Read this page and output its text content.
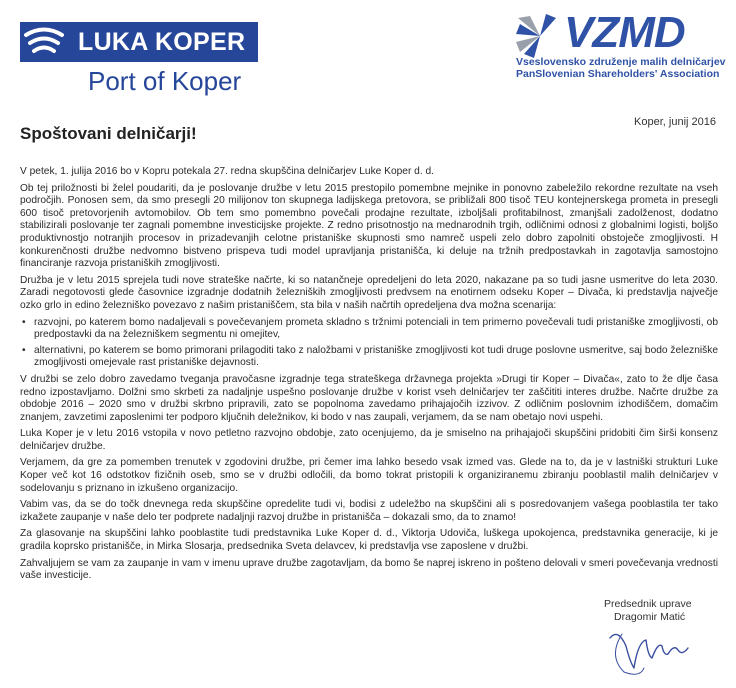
LUKA KOPER
Port of Koper
VZMD
Vseslovensko združenje malih delničarjev
PanSlovenian Shareholders' Association
Koper, junij 2016
Spoštovani delničarji!

V petek, 1. julija 2016 bo v Kopru potekala 27. redna skupščina delničarjev Luke Koper d. d.

Ob tej priložnosti bi želel poudariti, da je poslovanje družbe v letu 2015 prestopilo pomembne mejnike in ponovno zabeležilo rekordne rezultate na vseh področjih. Ponosen sem, da smo presegli 20 milijonov ton skupnega ladijskega pretovora, se približali 800 tisoč TEU kontejnerskega prometa in presegli 600 tisoč pretovorjenih avtomobilov. Ob tem smo pomembno povečali prodajne rezultate, izboljšali profitabilnost, zmanjšali zadolženost, dodatno stabilizirali poslovanje ter zagnali pomembne investicijske projekte. Z redno prisotnostjo na mednarodnih trgih, odličnimi odnosi z globalnimi logisti, boljšo produktivnostjo notranjih procesov in prizadevanjih celotne pristaniške skupnosti smo namreč uspeli zelo dobro zapolniti obstoječe zmogljivosti. H konkurenčnosti družbe nedvomno bistveno prispeva tudi model upravljanja pristanišča, ki deluje na tržnih predpostavkah in zagotavlja samostojno financiranje razvoja pristaniških zmogljivosti.

Družba je v letu 2015 sprejela tudi nove strateške načrte, ki so natančneje opredeljeni do leta 2020, nakazane pa so tudi jasne usmeritve do leta 2030. Zaradi negotovosti glede časovnice izgradnje dodatnih železniških zmogljivosti predvsem na enotirnem odseku Koper – Divača, ki predstavlja največje ozko grlo in edino železniško povezavo z našim pristaniščem, sta bila v naših načrtih opredeljena dva možna scenarija:

• razvojni, po katerem bomo nadaljevali s povečevanjem prometa skladno s tržnimi potenciali in tem primerno povečevali tudi pristaniške zmogljivosti, ob predpostavki da na železniškem segmentu ni omejitev,
• alternativni, po katerem se bomo primorani prilagoditi tako z naložbami v pristaniške zmogljivosti kot tudi druge poslovne usmeritve, saj bodo železniške zmogljivosti omejevale rast pristaniške dejavnosti.

V družbi se zelo dobro zavedamo tveganja pravočasne izgradnje tega strateškega državnega projekta »Drugi tir Koper – Divača«, zato to že dlje časa redno izpostavljamo. Dolžni smo skrbeti za nadaljnje uspešno poslovanje družbe v korist vseh delničarjev ter zaščititi interes družbe. Načrte družbe za obdobje 2016 – 2020 smo v družbi skrbno pripravili, zato se popolnoma zavedamo prihajajočih izzivov. Z odličnim poslovnim izhodiščem, domačim znanjem, zavzetimi zaposlenimi ter podporo ključnih deležnikov, ki bodo v nas zaupali, verjamem, da se nam obetajo novi uspehi.

Luka Koper je v letu 2016 vstopila v novo petletno razvojno obdobje, zato ocenjujemo, da je smiselno na prihajajoči skupščini pridobiti čim širši konsenz delničarjev družbe.

Verjamem, da gre za pomemben trenutek v zgodovini družbe, pri čemer ima lahko besedo vsak izmed vas. Glede na to, da je v lastniški strukturi Luke Koper več kot 16 odstotkov fizičnih oseb, smo se v družbi odločili, da bomo tokrat pristopili k organiziranemu zbiranju pooblastil malih delničarjev v sodelovanju s priznano in izkušeno organizacijo.

Vabim vas, da se do točk dnevnega reda skupščine opredelite tudi vi, bodisi z udeležbo na skupščini ali s posredovanjem vašega pooblastila ter tako izkažete zaupanje v naše delo ter podprete nadaljnji razvoj družbe in pristanišča – dokazali smo, da to znamo!

Za glasovanje na skupščini lahko pooblastite tudi predstavnika Luke Koper d. d., Viktorja Udoviča, luškega upokojenca, predstavnika generacije, ki je gradila koprsko pristanišče, in Mirka Slosarja, predsednika Sveta delavcev, ki predstavlja vse zaposlene v družbi.

Zahvaljujem se vam za zaupanje in vam v imenu uprave družbe zagotavljam, da bomo še naprej iskreno in pošteno delovali v smeri povečevanja vrednosti vaše investicije.

Predsednik uprave
Dragomir Matić
